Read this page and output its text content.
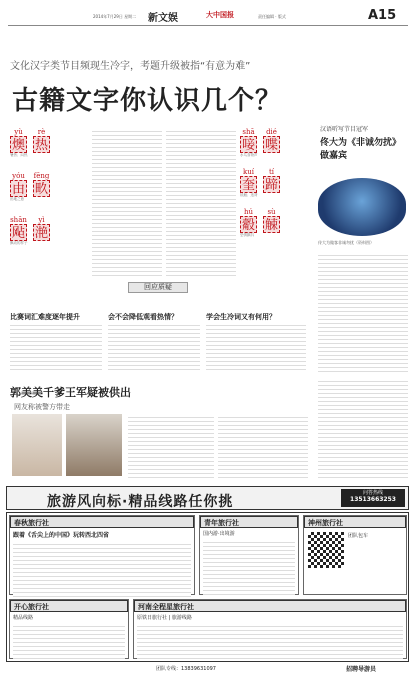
2014年7月29日 星期二 新文娱	大中国报	责任编辑 · 版式	A15
文化汉字类节目频现生冷字，考题升级被指“有意为难”
古籍文字你认识几个？
yù	rè
燠 热
暑热；闷热
yóu	fēng
由 畂
田地之意
shān	yì
飐 滟
飘动的样子
shā	dié
唼 喋
水鸟食物声
kuí	tí
奎 蹄
抵触；违背
hú	sù
觳 觫
恐惧颤抖
汉语听写节目冠军
佟大为《非诚勿扰》
做嘉宾
佟大为做客非诚勿扰（资料图）
回应质疑
比赛词汇难度逐年提升	会不会降低观看热情？	学会生冷词又有何用？
郭美美千爹王军疑被供出
网友称被警方带走
旅游风向标·精品线路任你挑
问答热线
13513663253
春秋旅行社
跟着《舌尖上的中国》玩转西北四省
青年旅行社
国内游·出境游
神州旅行社
团队包车
开心旅行社
精品线路
河南全程星旅行社
原铁日旅行社 | 旅游线路
团队专线：13839631097	招聘导游员
